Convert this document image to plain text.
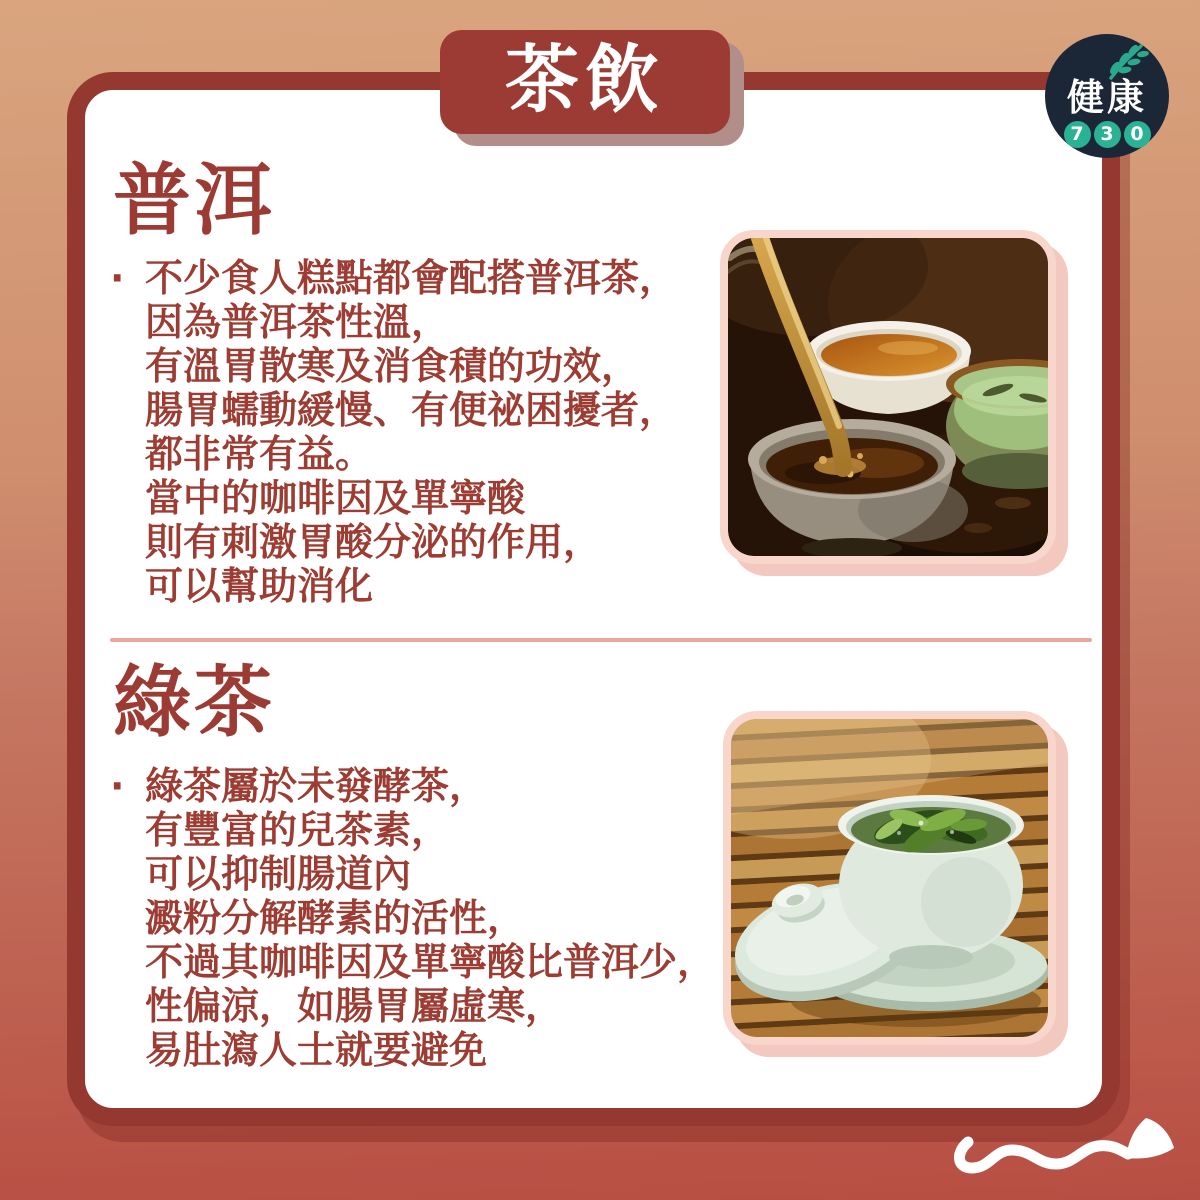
茶飲	健康
7 3 0
普洱
· 不少食人糕點都會配搭普洱茶，
因為普洱茶性溫，
有溫胃散寒及消食積的功效，
腸胃蠕動緩慢、有便祕困擾者，
都非常有益。
當中的咖啡因及單寧酸
則有刺激胃酸分泌的作用，
可以幫助消化
綠茶
· 綠茶屬於未發酵茶，
有豐富的兒茶素，
可以抑制腸道內
澱粉分解酵素的活性，
不過其咖啡因及單寧酸比普洱少，
性偏涼，如腸胃屬虛寒，
易肚瀉人士就要避免
